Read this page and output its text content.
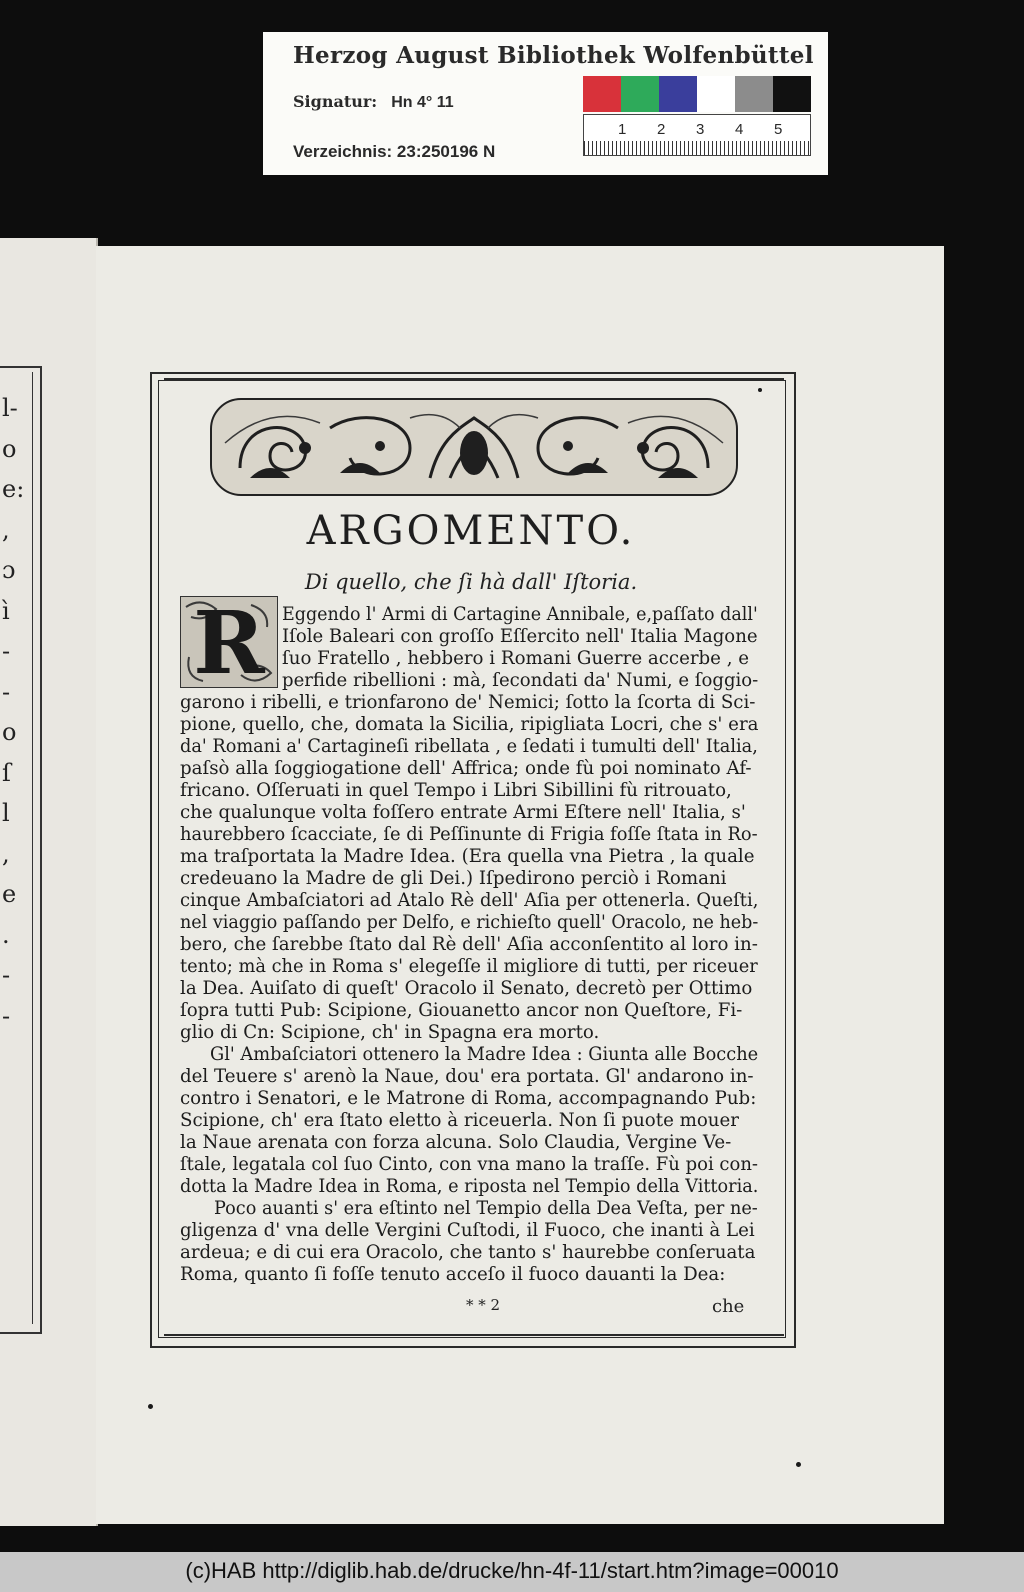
Herzog August Bibliothek Wolfenbüttel
Signatur: Hn 4° 11
Verzeichnis: 23:250196 N
1 2 3 4 5
l-
o
e:
,
ɔ
ì
-
-
o
ſ
l
,
e
.
-
-
ARGOMENTO.
Di quello, che ſi hà dall' Iſtoria.
R Eggendo l' Armi di Cartagine Annibale, e,paſſato dall'
Iſole Baleari con groſſo Eſſercito nell' Italia Magone
ſuo Fratello , hebbero i Romani Guerre accerbe , e
perfide ribellioni : mà, ſecondati da' Numi, e ſoggio-
garono i ribelli, e trionfarono de' Nemici; ſotto la ſcorta di Sci-
pione, quello, che, domata la Sicilia, ripigliata Locri, che s' era
da' Romani a' Cartagineſi ribellata , e ſedati i tumulti dell' Italia,
paſsò alla ſoggiogatione dell' Affrica; onde fù poi nominato Af-
fricano. Oſſeruati in quel Tempo i Libri Sibillini fù ritrouato,
che qualunque volta foſſero entrate Armi Eſtere nell' Italia, s'
haurebbero ſcacciate, ſe di Peſſinunte di Frigia foſſe ſtata in Ro-
ma traſportata la Madre Idea. (Era quella vna Pietra , la quale
credeuano la Madre de gli Dei.) Iſpedirono perciò i Romani
cinque Ambaſciatori ad Atalo Rè dell' Aſia per ottenerla. Queſti,
nel viaggio paſſando per Delfo, e richieſto quell' Oracolo, ne heb-
bero, che ſarebbe ſtato dal Rè dell' Aſia acconſentito al loro in-
tento; mà che in Roma s' elegeſſe il migliore di tutti, per riceuer
la Dea. Auiſato di queſt' Oracolo il Senato, decretò per Ottimo
ſopra tutti Pub: Scipione, Giouanetto ancor non Queſtore, Fi-
glio di Cn: Scipione, ch' in Spagna era morto.
Gl' Ambaſciatori ottenero la Madre Idea : Giunta alle Bocche
del Teuere s' arenò la Naue, dou' era portata. Gl' andarono in-
contro i Senatori, e le Matrone di Roma, accompagnando Pub:
Scipione, ch' era ſtato eletto à riceuerla. Non ſi puote mouer
la Naue arenata con forza alcuna. Solo Claudia, Vergine Ve-
ſtale, legatala col ſuo Cinto, con vna mano la traſſe. Fù poi con-
dotta la Madre Idea in Roma, e riposta nel Tempio della Vittoria.
Poco auanti s' era eſtinto nel Tempio della Dea Veſta, per ne-
gligenza d' vna delle Vergini Cuſtodi, il Fuoco, che inanti à Lei
ardeua; e di cui era Oracolo, che tanto s' haurebbe conſeruata
Roma, quanto ſi foſſe tenuto acceſo il fuoco dauanti la Dea:
* * 2	che
(c)HAB http://diglib.hab.de/drucke/hn-4f-11/start.htm?image=00010
